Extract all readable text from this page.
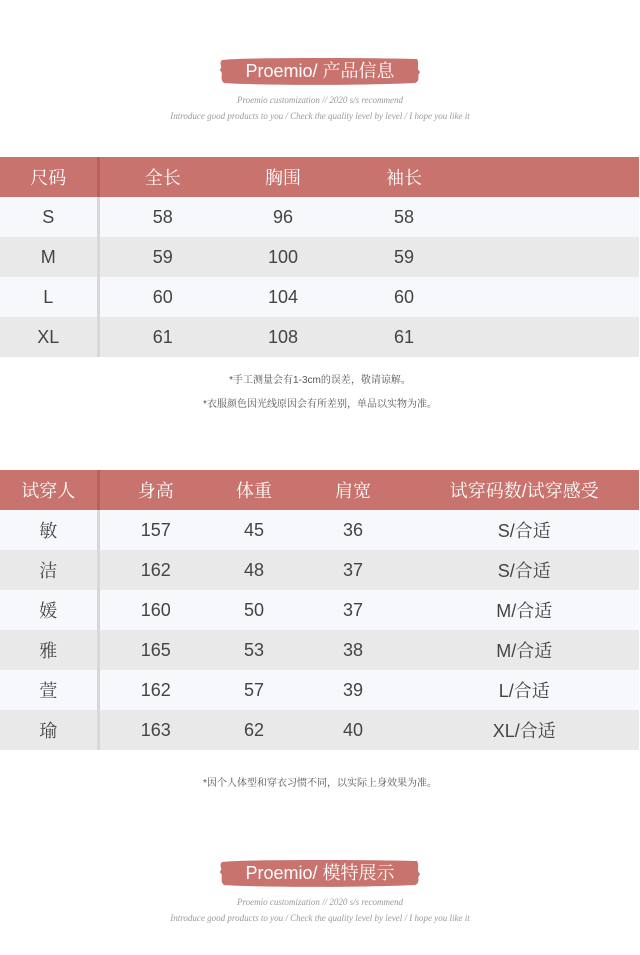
Proemio/ 产品信息
Proemio customization // 2020 s/s recommend
Introduce good products to you / Check the quality level by level / I hope you like it
尺码	全长	胸围	袖长	
S	58	96	58	
M	59	100	59	
L	60	104	60	
XL	61	108	61	
*手工测量会有1-3cm的误差，敬请谅解。
*衣服颜色因光线原因会有所差别，单品以实物为准。
试穿人	身高	体重	肩宽	试穿码数/试穿感受
敏	157	45	36	S/合适
洁	162	48	37	S/合适
媛	160	50	37	M/合适
雅	165	53	38	M/合适
萱	162	57	39	L/合适
瑜	163	62	40	XL/合适
*因个人体型和穿衣习惯不同，以实际上身效果为准。
Proemio/ 模特展示
Proemio customization // 2020 s/s recommend
Introduce good products to you / Check the quality level by level / I hope you like it
